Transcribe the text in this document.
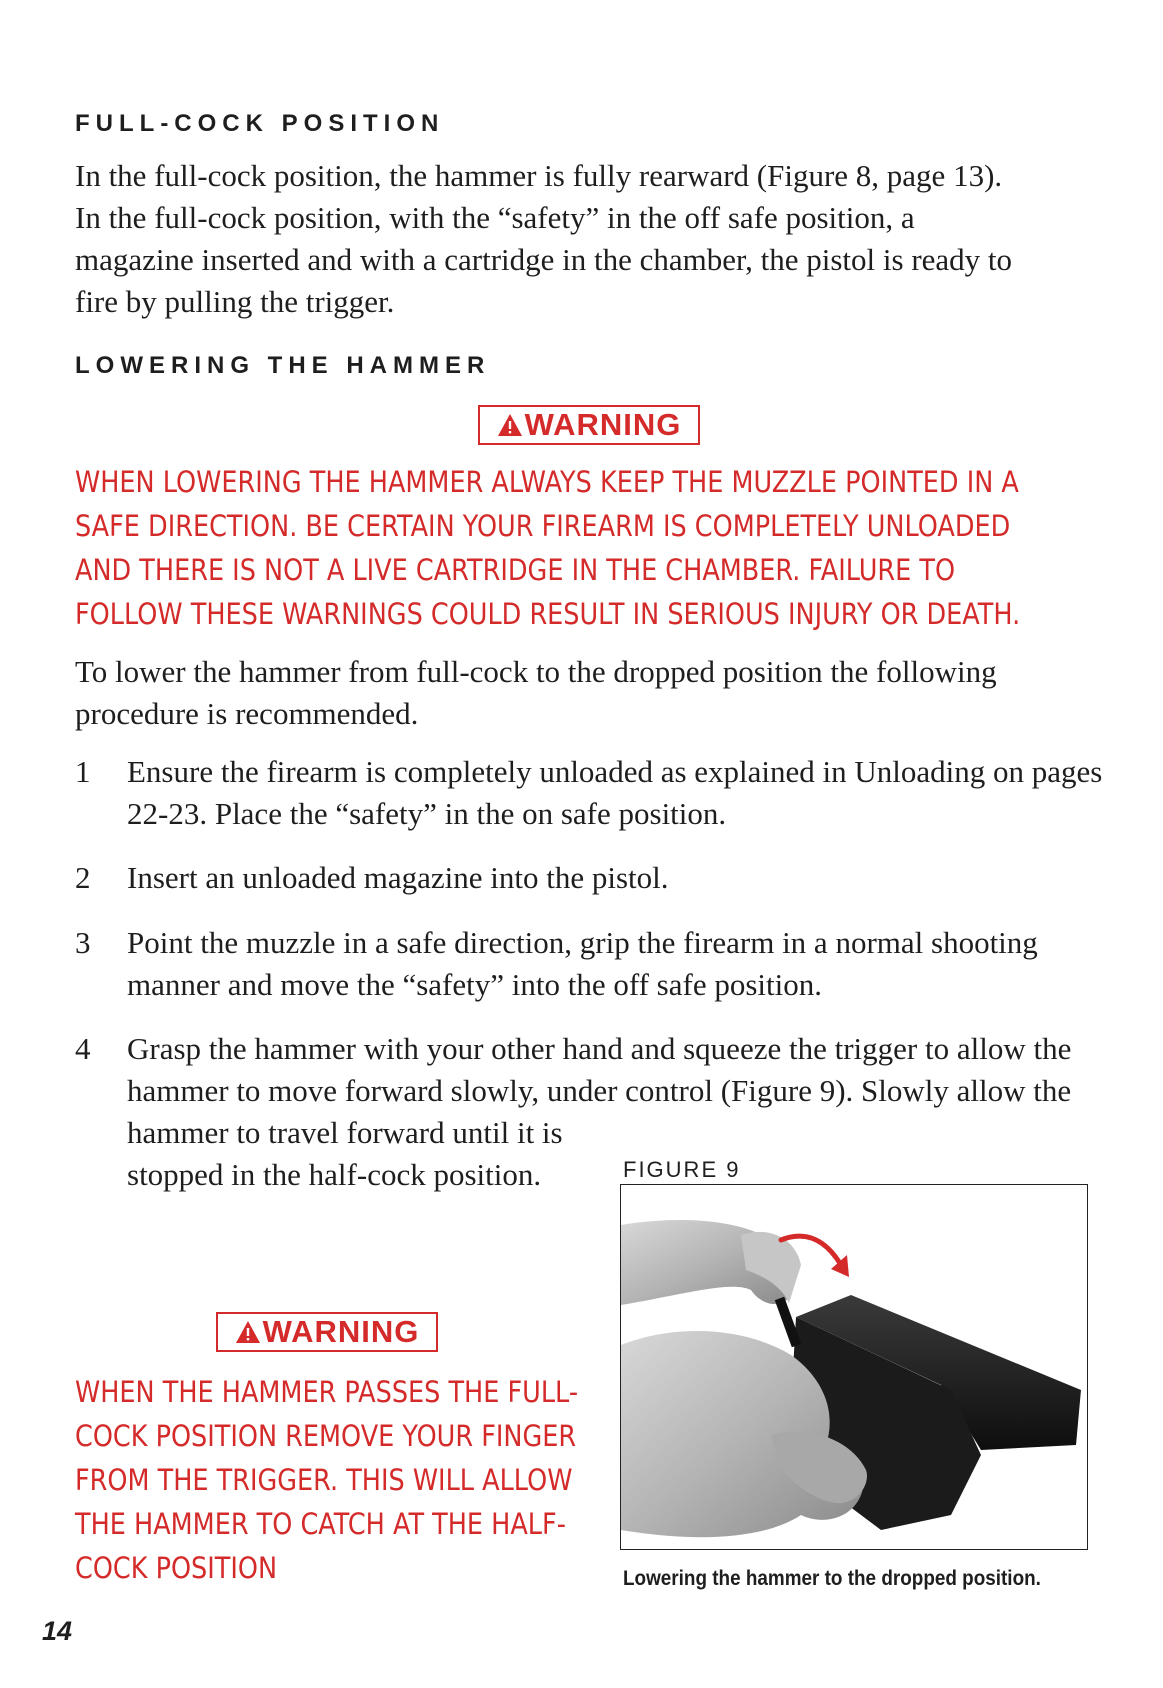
FULL-COCK POSITION

In the full-cock position, the hammer is fully rearward (Figure 8, page 13). In the full-cock position, with the “safety” in the off safe position, a magazine inserted and with a cartridge in the chamber, the pistol is ready to fire by pulling the trigger.

LOWERING THE HAMMER
WARNING

WHEN LOWERING THE HAMMER ALWAYS KEEP THE MUZZLE POINTED IN A SAFE DIRECTION. BE CERTAIN YOUR FIREARM IS COMPLETELY UNLOADED AND THERE IS NOT A LIVE CARTRIDGE IN THE CHAMBER. FAILURE TO FOLLOW THESE WARNINGS COULD RESULT IN SERIOUS INJURY OR DEATH.

To lower the hammer from full-cock to the dropped position the following procedure is recommended.

1 Ensure the firearm is completely unloaded as explained in Unloading on pages 22-23. Place the “safety” in the on safe position.

2 Insert an unloaded magazine into the pistol.

3 Point the muzzle in a safe direction, grip the firearm in a normal shooting manner and move the “safety” into the off safe position.

4 Grasp the hammer with your other hand and squeeze the trigger to allow the hammer to move forward slowly, under control (Figure 9). Slowly allow the hammer to travel forward until it is stopped in the half-cock position.

WARNING

WHEN THE HAMMER PASSES THE FULL-COCK POSITION REMOVE YOUR FINGER FROM THE TRIGGER. THIS WILL ALLOW THE HAMMER TO CATCH AT THE HALF-COCK POSITION

FIGURE 9
Lowering the hammer to the dropped position.
14
